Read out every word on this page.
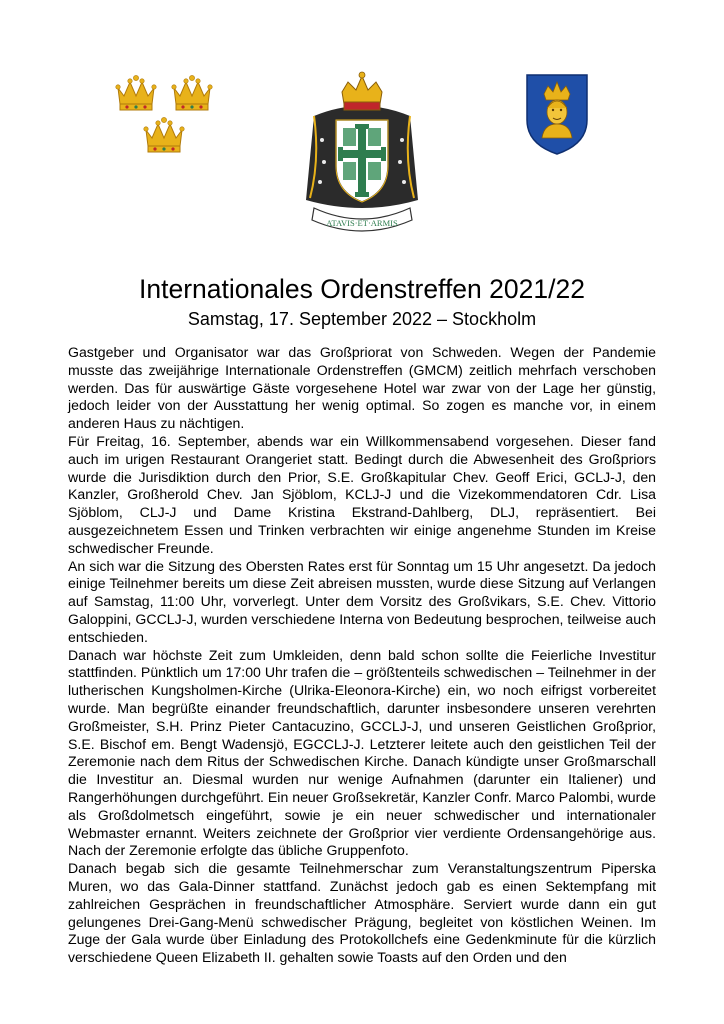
ATAVIS·ET·ARMIS
Internationales Ordenstreffen 2021/22

Samstag, 17. September 2022 – Stockholm

Gastgeber und Organisator war das Großpriorat von Schweden. Wegen der Pandemie musste das zweijährige Internationale Ordenstreffen (GMCM) zeitlich mehrfach verschoben werden. Das für auswärtige Gäste vorgesehene Hotel war zwar von der Lage her günstig, jedoch leider von der Ausstattung her wenig optimal. So zogen es manche vor, in einem anderen Haus zu nächtigen.

Für Freitag, 16. September, abends war ein Willkommensabend vorgesehen. Dieser fand auch im urigen Restaurant Orangeriet statt. Bedingt durch die Abwesenheit des Großpriors wurde die Jurisdiktion durch den Prior, S.E. Großkapitular Chev. Geoff Erici, GCLJ-J, den Kanzler, Großherold Chev. Jan Sjöblom, KCLJ-J und die Vizekommendatoren Cdr. Lisa Sjöblom, CLJ-J und Dame Kristina Ekstrand-Dahlberg, DLJ, repräsentiert. Bei ausgezeichnetem Essen und Trinken verbrachten wir einige angenehme Stunden im Kreise schwedischer Freunde.

An sich war die Sitzung des Obersten Rates erst für Sonntag um 15 Uhr angesetzt. Da jedoch einige Teilnehmer bereits um diese Zeit abreisen mussten, wurde diese Sitzung auf Verlangen auf Samstag, 11:00 Uhr, vorverlegt. Unter dem Vorsitz des Großvikars, S.E. Chev. Vittorio Galoppini, GCCLJ-J, wurden verschiedene Interna von Bedeutung besprochen, teilweise auch entschieden.

Danach war höchste Zeit zum Umkleiden, denn bald schon sollte die Feierliche Investitur stattfinden. Pünktlich um 17:00 Uhr trafen die – größtenteils schwedischen – Teilnehmer in der lutherischen Kungsholmen-Kirche (Ulrika-Eleonora-Kirche) ein, wo noch eifrigst vorbereitet wurde. Man begrüßte einander freundschaftlich, darunter insbesondere unseren verehrten Großmeister, S.H. Prinz Pieter Cantacuzino, GCCLJ-J, und unseren Geistlichen Großprior, S.E. Bischof em. Bengt Wadensjö, EGCCLJ-J. Letzterer leitete auch den geistlichen Teil der Zeremonie nach dem Ritus der Schwedischen Kirche. Danach kündigte unser Großmarschall die Investitur an. Diesmal wurden nur wenige Aufnahmen (darunter ein Italiener) und Rangerhöhungen durchgeführt. Ein neuer Großsekretär, Kanzler Confr. Marco Palombi, wurde als Großdolmetsch eingeführt, sowie je ein neuer schwedischer und internationaler Webmaster ernannt. Weiters zeichnete der Großprior vier verdiente Ordensangehörige aus. Nach der Zeremonie erfolgte das übliche Gruppenfoto.

Danach begab sich die gesamte Teilnehmerschar zum Veranstaltungszentrum Piperska Muren, wo das Gala-Dinner stattfand. Zunächst jedoch gab es einen Sektempfang mit zahlreichen Gesprächen in freundschaftlicher Atmosphäre. Serviert wurde dann ein gut gelungenes Drei-Gang-Menü schwedischer Prägung, begleitet von köstlichen Weinen. Im Zuge der Gala wurde über Einladung des Protokollchefs eine Gedenkminute für die kürzlich verschiedene Queen Elizabeth II. gehalten sowie Toasts auf den Orden und den
